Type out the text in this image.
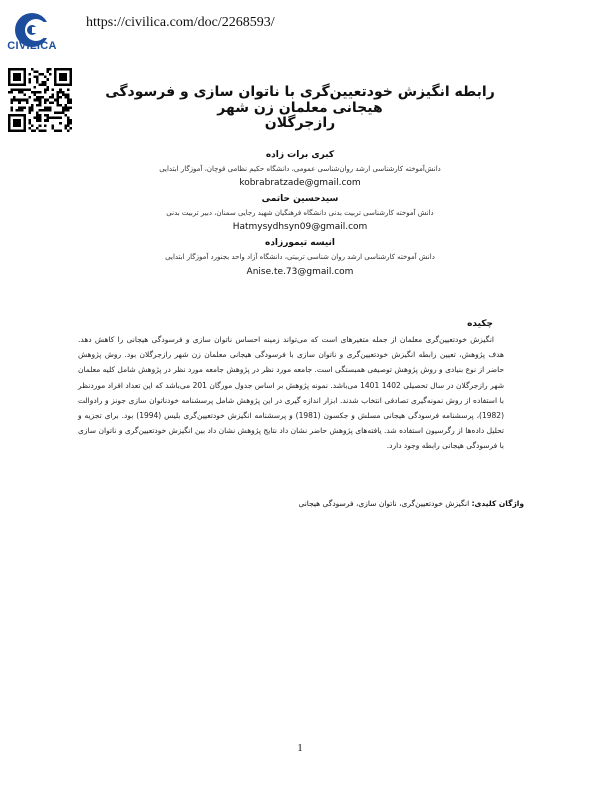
CIVILICA
https://civilica.com/doc/2268593/
رابطه انگیزش خودتعیین‌گری با ناتوان سازی و فرسودگی هیجانی معلمان زن شهر
رازجرگلان
کبری برات زاده
دانش‌آموخته کارشناسی ارشد روان‌شناسی عمومی، دانشگاه حکیم نظامی قوچان، آموزگار ابتدایی
kobrabratzade@gmail.com
سیدحسین حاتمی
دانش آموخته کارشناسی تربیت بدنی دانشگاه فرهنگیان شهید رجایی سمنان، دبیر تربیت بدنی
Hatmysydhsyn09@gmail.com
انیسه تیمورزاده
دانش آموخته کارشناسی ارشد روان شناسی تربیتی، دانشگاه آزاد واحد بجنورد آموزگار ابتدایی
Anise.te.73@gmail.com
چکیده

انگیزش خودتعیین‌گری معلمان از جمله متغیرهای است که می‌تواند زمینه احساس ناتوان سازی و فرسودگی هیجانی را کاهش دهد. هدف پژوهش، تعیین رابطه انگیزش خودتعیین‌گری و ناتوان سازی با فرسودگی هیجانی معلمان زن شهر رازجرگلان بود. روش پژوهش حاضر از نوع بنیادی و روش پژوهش توصیفی همبستگی است. جامعه مورد نظر در پژوهش جامعه مورد نظر در پژوهش شامل کلیه معلمان شهر رازجرگلان در سال تحصیلی 1402 1401 می‌باشد. نمونه پژوهش بر اساس جدول مورگان 201 می‌باشد که این تعداد افراد موردنظر با استفاده از روش نمونه‌گیری تصادفی انتخاب شدند. ابزار اندازه گیری در این پژوهش شامل پرسشنامه خودناتوان سازی جونز و رادوالت (1982)، پرسشنامه فرسودگی هیجانی مسلش و جکسون (1981) و پرسشنامه انگیزش خودتعیین‌گری بلیس (1994) بود. برای تجزیه و تحلیل داده‌ها از رگرسیون استفاده شد. یافته‌های پژوهش حاضر نشان داد نتایج پژوهش نشان داد بین انگیزش خودتعیین‌گری و ناتوان سازی با فرسودگی هیجانی رابطه وجود دارد.

واژگان کلیدی: انگیزش خودتعیین‌گری، ناتوان سازی، فرسودگی هیجانی
1
